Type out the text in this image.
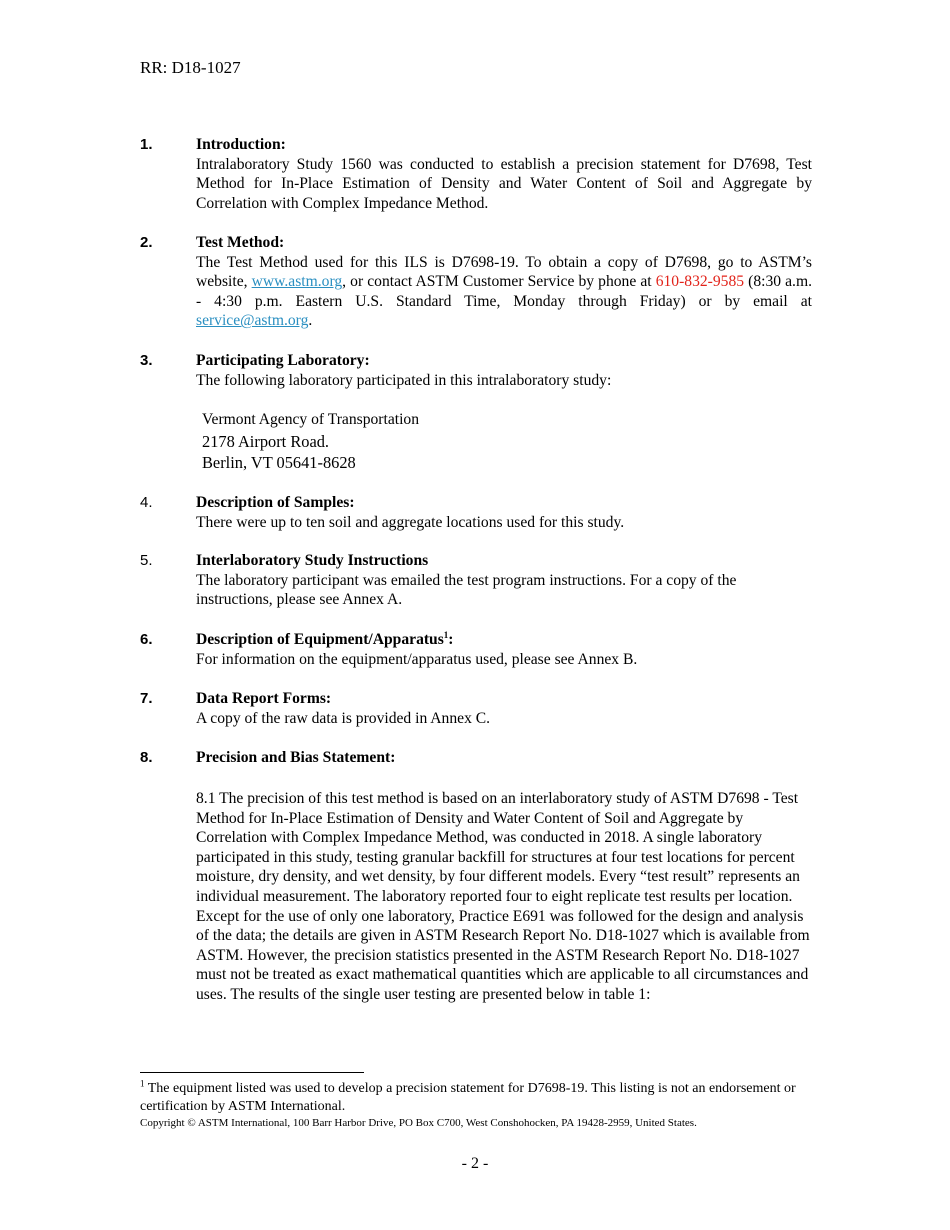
RR: D18-1027
1.	Introduction:
Intralaboratory Study 1560 was conducted to establish a precision statement for D7698, Test Method for In-Place Estimation of Density and Water Content of Soil and Aggregate by Correlation with Complex Impedance Method.
2.	Test Method:
The Test Method used for this ILS is D7698-19. To obtain a copy of D7698, go to ASTM’s website, www.astm.org, or contact ASTM Customer Service by phone at 610-832-9585 (8:30 a.m. - 4:30 p.m. Eastern U.S. Standard Time, Monday through Friday) or by email at service@astm.org.
3.	Participating Laboratory:
The following laboratory participated in this intralaboratory study:
Vermont Agency of Transportation
2178 Airport Road.
Berlin, VT 05641-8628
4.	Description of Samples:
There were up to ten soil and aggregate locations used for this study.
5.	Interlaboratory Study Instructions
The laboratory participant was emailed the test program instructions. For a copy of the instructions, please see Annex A.
6.	Description of Equipment/Apparatus$^1$:
For information on the equipment/apparatus used, please see Annex B.
7.	Data Report Forms:
A copy of the raw data is provided in Annex C.
8.	Precision and Bias Statement:
8.1 The precision of this test method is based on an interlaboratory study of ASTM D7698 - Test Method for In-Place Estimation of Density and Water Content of Soil and Aggregate by Correlation with Complex Impedance Method, was conducted in 2018. A single laboratory participated in this study, testing granular backfill for structures at four test locations for percent moisture, dry density, and wet density, by four different models. Every “test result” represents an individual measurement. The laboratory reported four to eight replicate test results per location. Except for the use of only one laboratory, Practice E691 was followed for the design and analysis of the data; the details are given in ASTM Research Report No. D18-1027 which is available from ASTM. However, the precision statistics presented in the ASTM Research Report No. D18-1027 must not be treated as exact mathematical quantities which are applicable to all circumstances and uses. The results of the single user testing are presented below in table 1:
$^1$ The equipment listed was used to develop a precision statement for D7698-19. This listing is not an endorsement or certification by ASTM International.
Copyright © ASTM International, 100 Barr Harbor Drive, PO Box C700, West Conshohocken, PA 19428-2959, United States.
- 2 -
